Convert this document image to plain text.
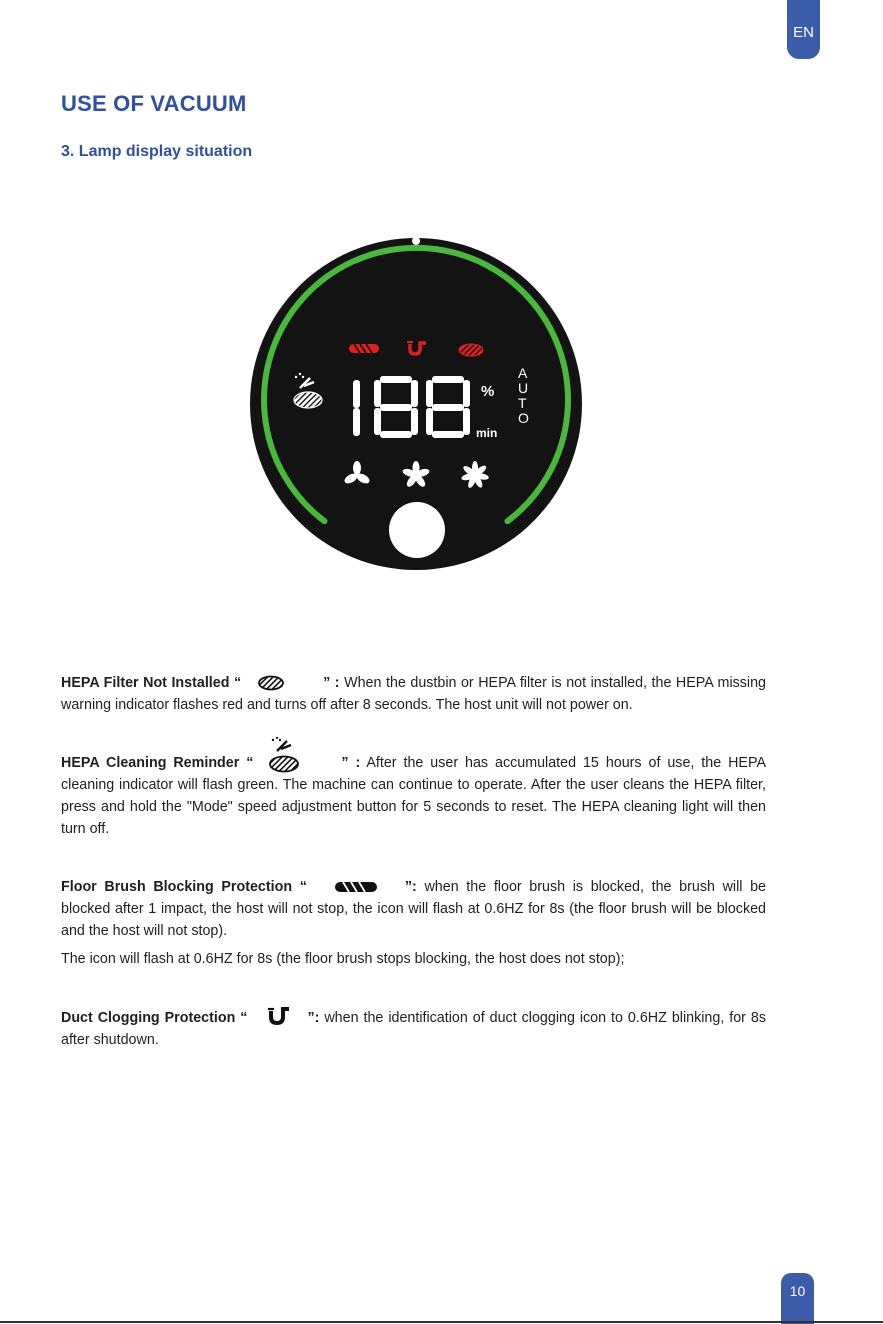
EN
USE OF VACUUM
3. Lamp display situation
%
min
A
U
T
O

HEPA Filter Not Installed “	” : When the dustbin or HEPA filter is not installed, the HEPA missing warning indicator flashes red and turns off after 8 seconds. The host unit will not power on.

HEPA Cleaning Reminder “	” : After the user has accumulated 15 hours of use, the HEPA cleaning indicator will flash green. The machine can continue to operate. After the user cleans the HEPA filter, press and hold the "Mode" speed adjustment button for 5 seconds to reset. The HEPA cleaning light will then turn off.

Floor Brush Blocking Protection “	”: when the floor brush is blocked, the brush will be blocked after 1 impact, the host will not stop, the icon will flash at 0.6HZ for 8s (the floor brush will be blocked and the host will not stop).

The icon will flash at 0.6HZ for 8s (the floor brush stops blocking, the host does not stop);

Duct Clogging Protection “	”: when the identification of duct clogging icon to 0.6HZ blinking, for 8s after shutdown.

10
